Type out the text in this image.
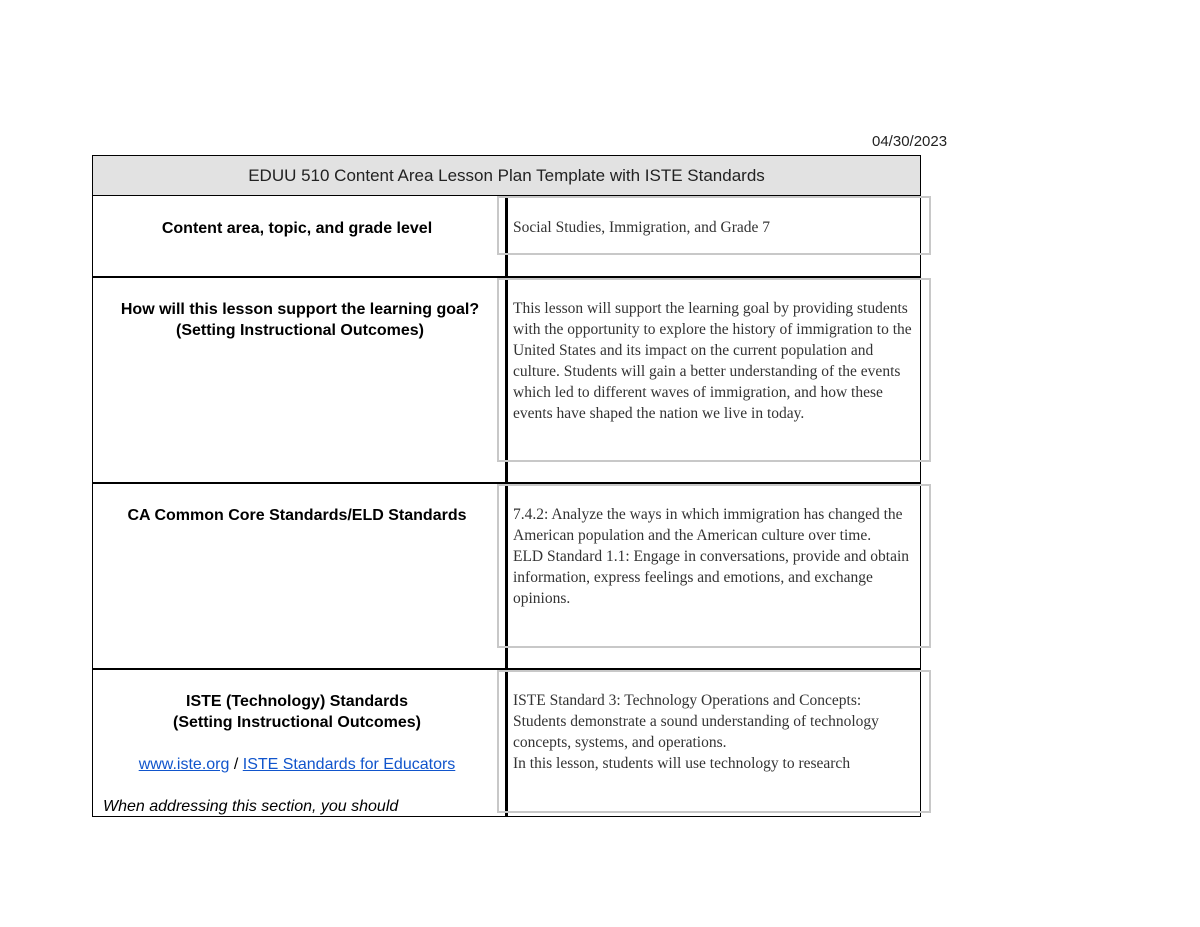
04/30/2023
EDUU 510 Content Area Lesson Plan Template with ISTE Standards
Content area, topic, and grade level	Social Studies, Immigration, and Grade 7
How will this lesson support the learning goal?
(Setting Instructional Outcomes)
This lesson will support the learning goal by providing students with the opportunity to explore the history of immigration to the United States and its impact on the current population and culture. Students will gain a better understanding of the events which led to different waves of immigration, and how these events have shaped the nation we live in today.
CA Common Core Standards/ELD Standards	7.4.2: Analyze the ways in which immigration has changed the American population and the American culture over time.
ELD Standard 1.1: Engage in conversations, provide and obtain information, express feelings and emotions, and exchange opinions.
ISTE (Technology) Standards
(Setting Instructional Outcomes)
www.iste.org / ISTE Standards for Educators
When addressing this section, you should
ISTE Standard 3: Technology Operations and Concepts: Students demonstrate a sound understanding of technology concepts, systems, and operations.
In this lesson, students will use technology to research
